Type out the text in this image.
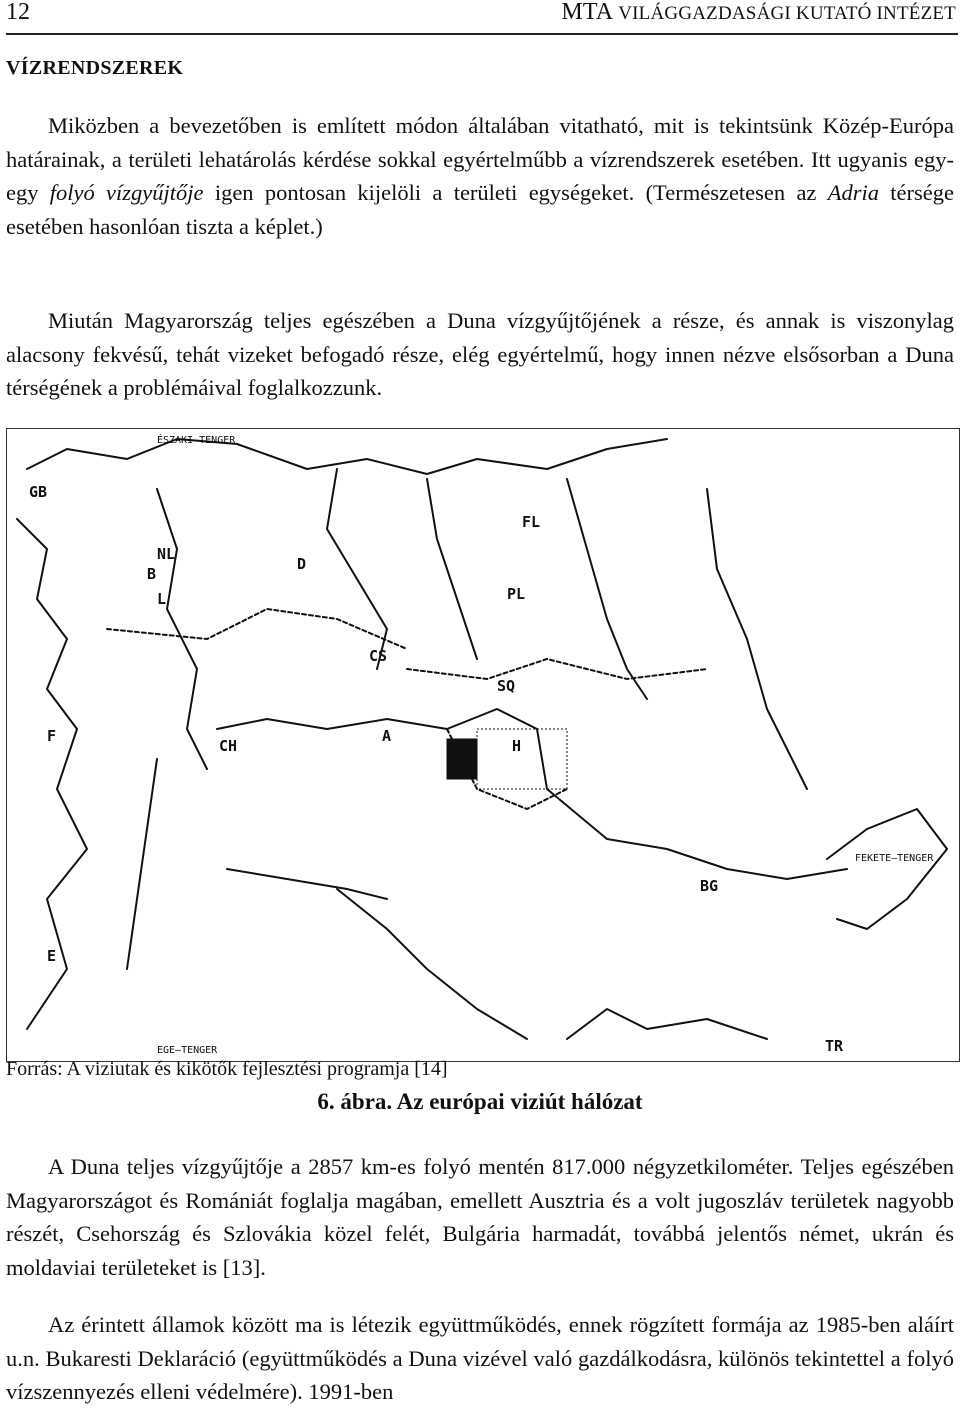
12	MTA VILÁGGAZDASÁGI KUTATÓ INTÉZET
VÍZRENDSZEREK

Miközben a bevezetőben is említett módon általában vitatható, mit is tekintsünk Közép-Európa határainak, a területi lehatárolás kérdése sokkal egyértelműbb a vízrendszerek esetében. Itt ugyanis egy-egy folyó vízgyűjtője igen pontosan kijelöli a területi egységeket. (Természetesen az Adria térsége esetében hasonlóan tiszta a képlet.)

Miután Magyarország teljes egészében a Duna vízgyűjtőjének a része, és annak is viszonylag alacsony fekvésű, tehát vizeket befogadó része, elég egyértelmű, hogy innen nézve elsősorban a Duna térségének a problémáival foglalkozzunk.

GB
NL
B
L
D
FL
PL
CS
SQ
CH
A
H
F
E
BG
TR
ÉSZAKI–TENGER
FEKETE–TENGER
EGE–TENGER
Forrás: A viziutak és kikötők fejlesztési programja [14]
6. ábra. Az európai viziút hálózat

A Duna teljes vízgyűjtője a 2857 km-es folyó mentén 817.000 négyzetkilométer. Teljes egészében Magyarországot és Romániát foglalja magában, emellett Ausztria és a volt jugoszláv területek nagyobb részét, Csehország és Szlovákia közel felét, Bulgária harmadát, továbbá jelentős német, ukrán és moldaviai területeket is [13].

Az érintett államok között ma is létezik együttműködés, ennek rögzített formája az 1985-ben aláírt u.n. Bukaresti Deklaráció (együttműködés a Duna vizével való gazdálkodásra, különös tekintettel a folyó vízszennyezés elleni védelmére). 1991-ben
